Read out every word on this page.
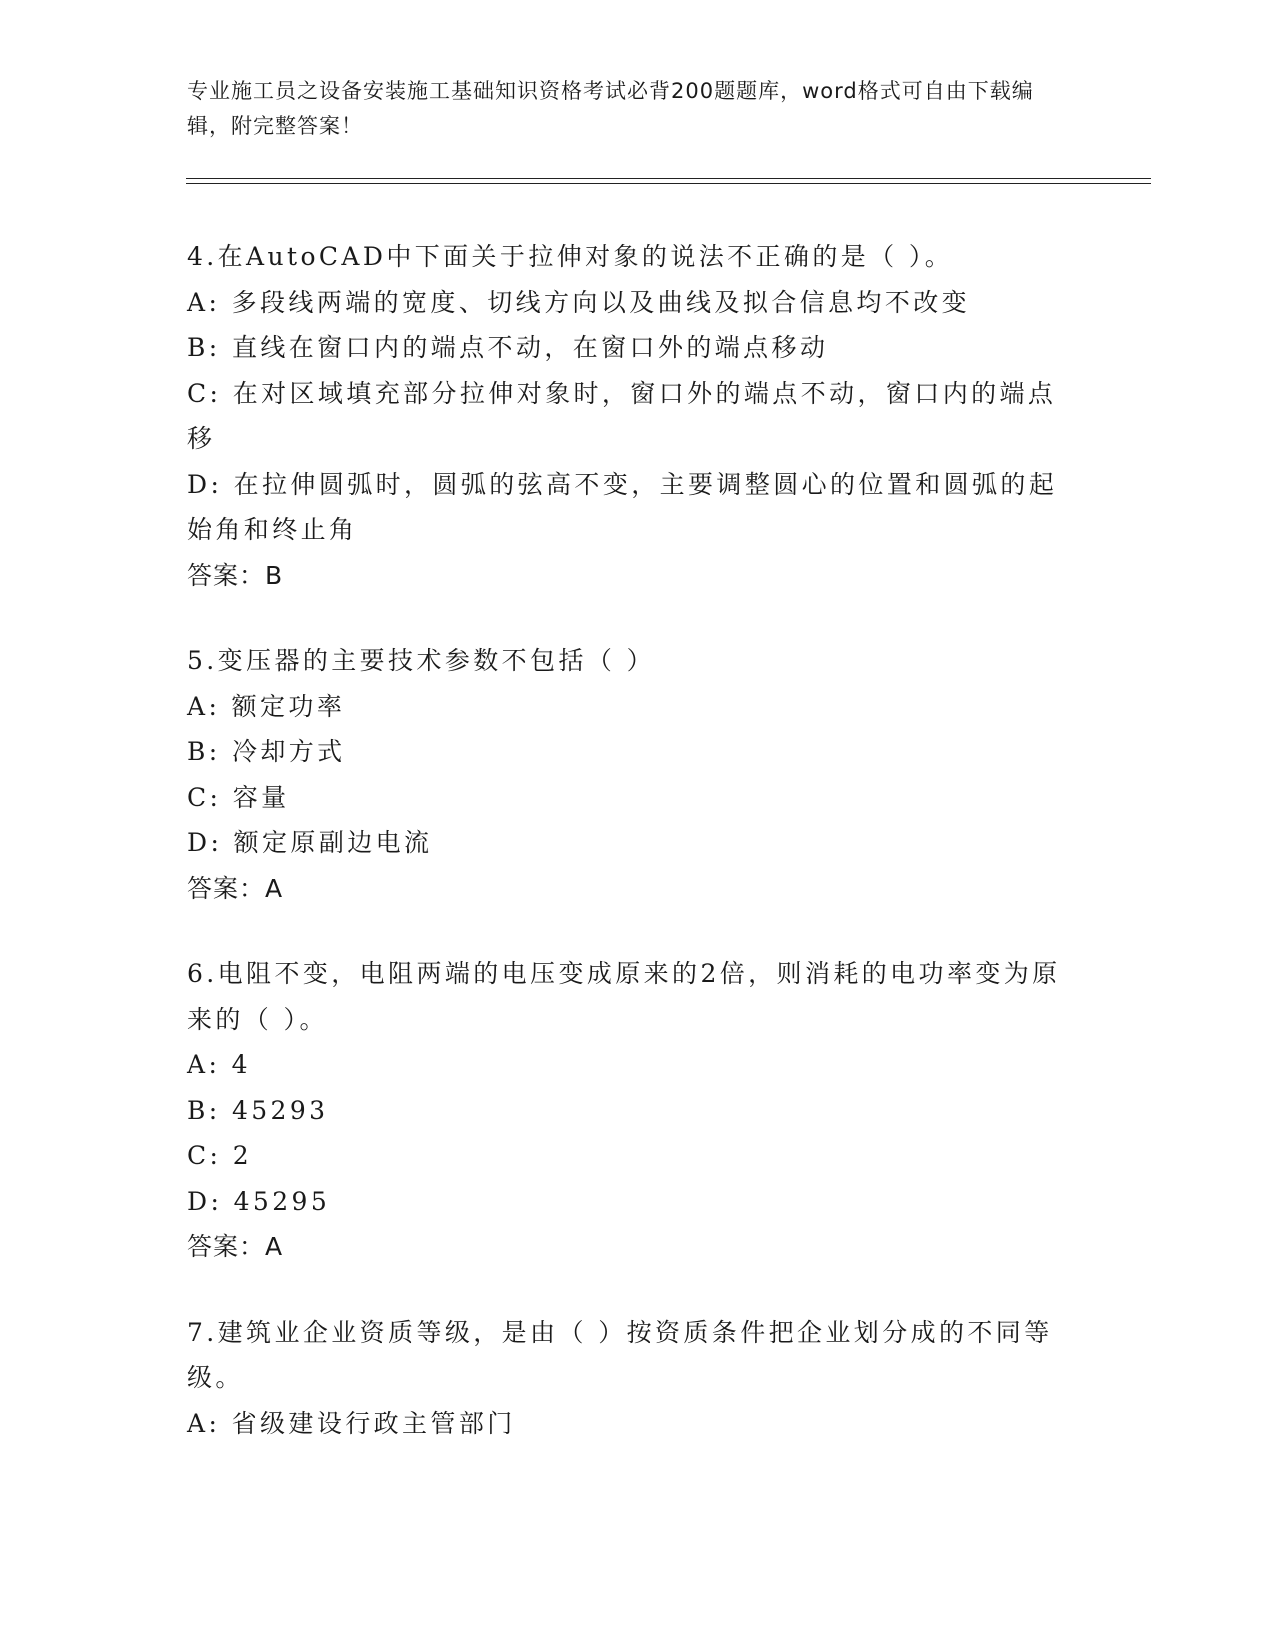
专业施工员之设备安装施工基础知识资格考试必背200题题库，word格式可自由下载编辑，附完整答案！
4.在AutoCAD中下面关于拉伸对象的说法不正确的是（ ）。
A: 多段线两端的宽度、切线方向以及曲线及拟合信息均不改变
B: 直线在窗口内的端点不动，在窗口外的端点移动
C: 在对区域填充部分拉伸对象时，窗口外的端点不动，窗口内的端点移
D: 在拉伸圆弧时，圆弧的弦高不变，主要调整圆心的位置和圆弧的起始角和终止角
答案：B
5.变压器的主要技术参数不包括（ ）
A: 额定功率
B: 冷却方式
C: 容量
D: 额定原副边电流
答案：A
6.电阻不变，电阻两端的电压变成原来的2倍，则消耗的电功率变为原来的（ ）。
A: 4
B: 45293
C: 2
D: 45295
答案：A
7.建筑业企业资质等级，是由（ ）按资质条件把企业划分成的不同等级。
A: 省级建设行政主管部门
